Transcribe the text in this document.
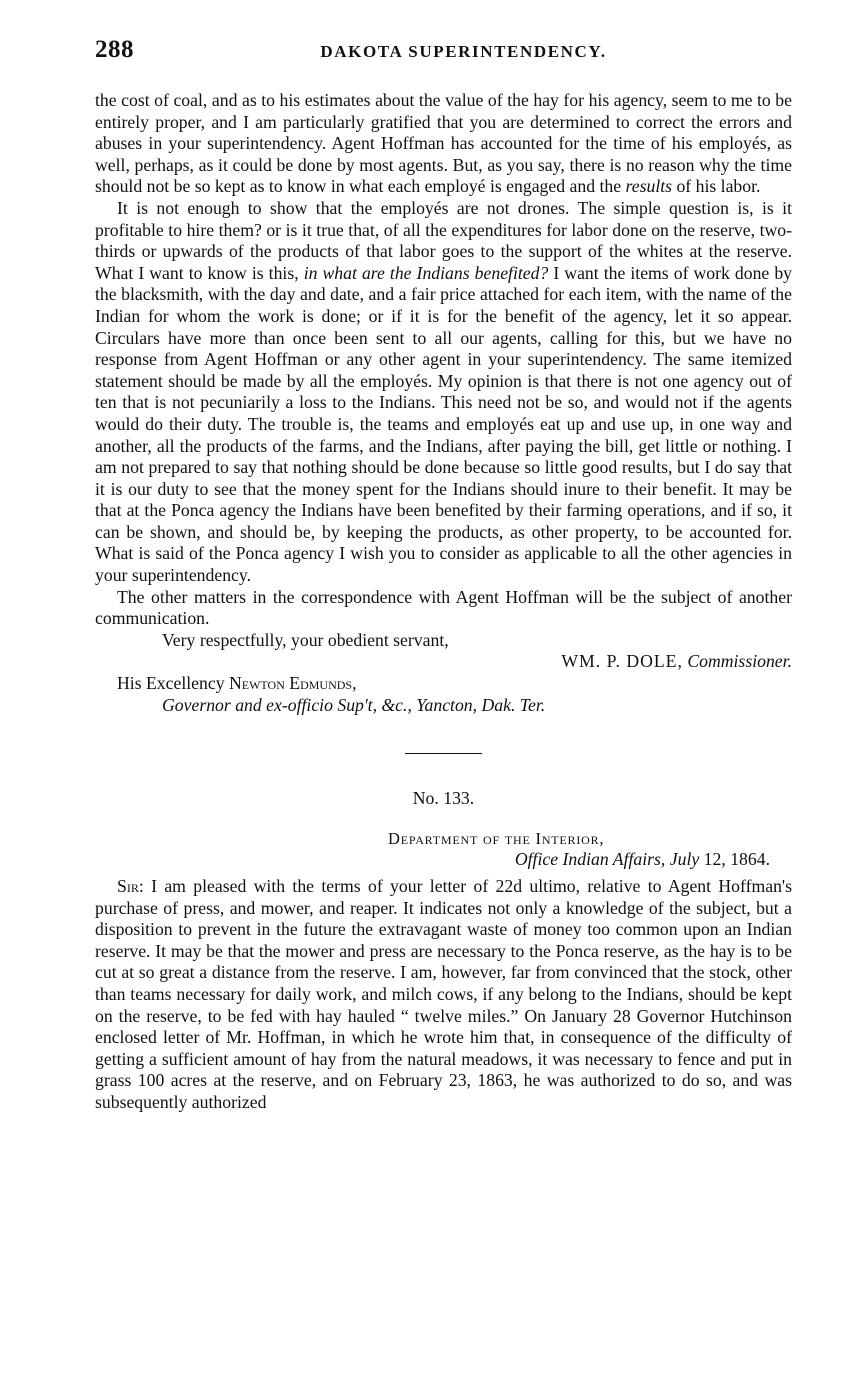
288	DAKOTA SUPERINTENDENCY.

the cost of coal, and as to his estimates about the value of the hay for his agency, seem to me to be entirely proper, and I am particularly gratified that you are determined to correct the errors and abuses in your superintendency. Agent Hoffman has accounted for the time of his employés, as well, perhaps, as it could be done by most agents. But, as you say, there is no reason why the time should not be so kept as to know in what each employé is engaged and the results of his labor.

It is not enough to show that the employés are not drones. The simple question is, is it profitable to hire them? or is it true that, of all the expenditures for labor done on the reserve, two-thirds or upwards of the products of that labor goes to the support of the whites at the reserve. What I want to know is this, in what are the Indians benefited? I want the items of work done by the blacksmith, with the day and date, and a fair price attached for each item, with the name of the Indian for whom the work is done; or if it is for the benefit of the agency, let it so appear. Circulars have more than once been sent to all our agents, calling for this, but we have no response from Agent Hoffman or any other agent in your superintendency. The same itemized statement should be made by all the employés. My opinion is that there is not one agency out of ten that is not pecuniarily a loss to the Indians. This need not be so, and would not if the agents would do their duty. The trouble is, the teams and employés eat up and use up, in one way and another, all the products of the farms, and the Indians, after paying the bill, get little or nothing. I am not prepared to say that nothing should be done because so little good results, but I do say that it is our duty to see that the money spent for the Indians should inure to their benefit. It may be that at the Ponca agency the Indians have been benefited by their farming operations, and if so, it can be shown, and should be, by keeping the products, as other property, to be accounted for. What is said of the Ponca agency I wish you to consider as applicable to all the other agencies in your superintendency.

The other matters in the correspondence with Agent Hoffman will be the subject of another communication.

Very respectfully, your obedient servant,

WM. P. DOLE, Commissioner.

His Excellency Newton Edmunds,

Governor and ex-officio Sup't, &c., Yancton, Dak. Ter.

No. 133.

Department of the Interior,

Office Indian Affairs, July 12, 1864.

Sir: I am pleased with the terms of your letter of 22d ultimo, relative to Agent Hoffman's purchase of press, and mower, and reaper. It indicates not only a knowledge of the subject, but a disposition to prevent in the future the extravagant waste of money too common upon an Indian reserve. It may be that the mower and press are necessary to the Ponca reserve, as the hay is to be cut at so great a distance from the reserve. I am, however, far from convinced that the stock, other than teams necessary for daily work, and milch cows, if any belong to the Indians, should be kept on the reserve, to be fed with hay hauled “ twelve miles.” On January 28 Governor Hutchinson enclosed letter of Mr. Hoffman, in which he wrote him that, in consequence of the difficulty of getting a sufficient amount of hay from the natural meadows, it was necessary to fence and put in grass 100 acres at the reserve, and on February 23, 1863, he was authorized to do so, and was subsequently authorized
